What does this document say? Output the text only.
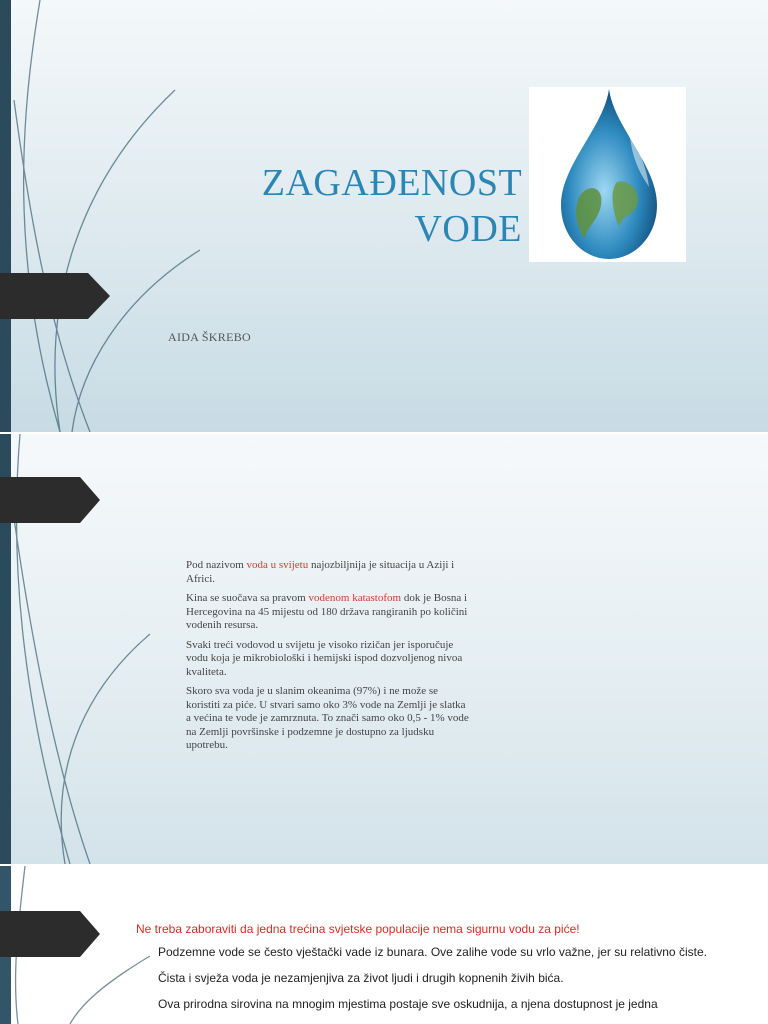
ZAGAĐENOST
VODE
AIDA ŠKREBO
Pod nazivom voda u svijetu najozbiljnija je situacija u Aziji i Africi.
Kina se suočava sa pravom vodenom katastofom dok je Bosna i Hercegovina na 45 mijestu od 180 država rangiranih po količini vodenih resursa.
Svaki treći vodovod u svijetu je visoko rizičan jer isporučuje vodu koja je mikrobiološki i hemijski ispod dozvoljenog nivoa kvaliteta.
Skoro sva voda je u slanim okeanima (97%) i ne može se koristiti za piće. U stvari samo oko 3% vode na Zemlji je slatka a većina te vode je zamrznuta. To znači samo oko 0,5 - 1% vode na Zemlji površinske i podzemne je dostupno za ljudsku upotrebu.
Ne treba zaboraviti da jedna trećina svjetske populacije nema sigurnu vodu za piće!
Podzemne vode se često vještački vade iz bunara. Ove zalihe vode su vrlo važne, jer su relativno čiste.
Čista i svježa voda je nezamjenjiva za život ljudi i drugih kopnenih živih bića.
Ova prirodna sirovina na mnogim mjestima postaje sve oskudnija, a njena dostupnost je jedna
